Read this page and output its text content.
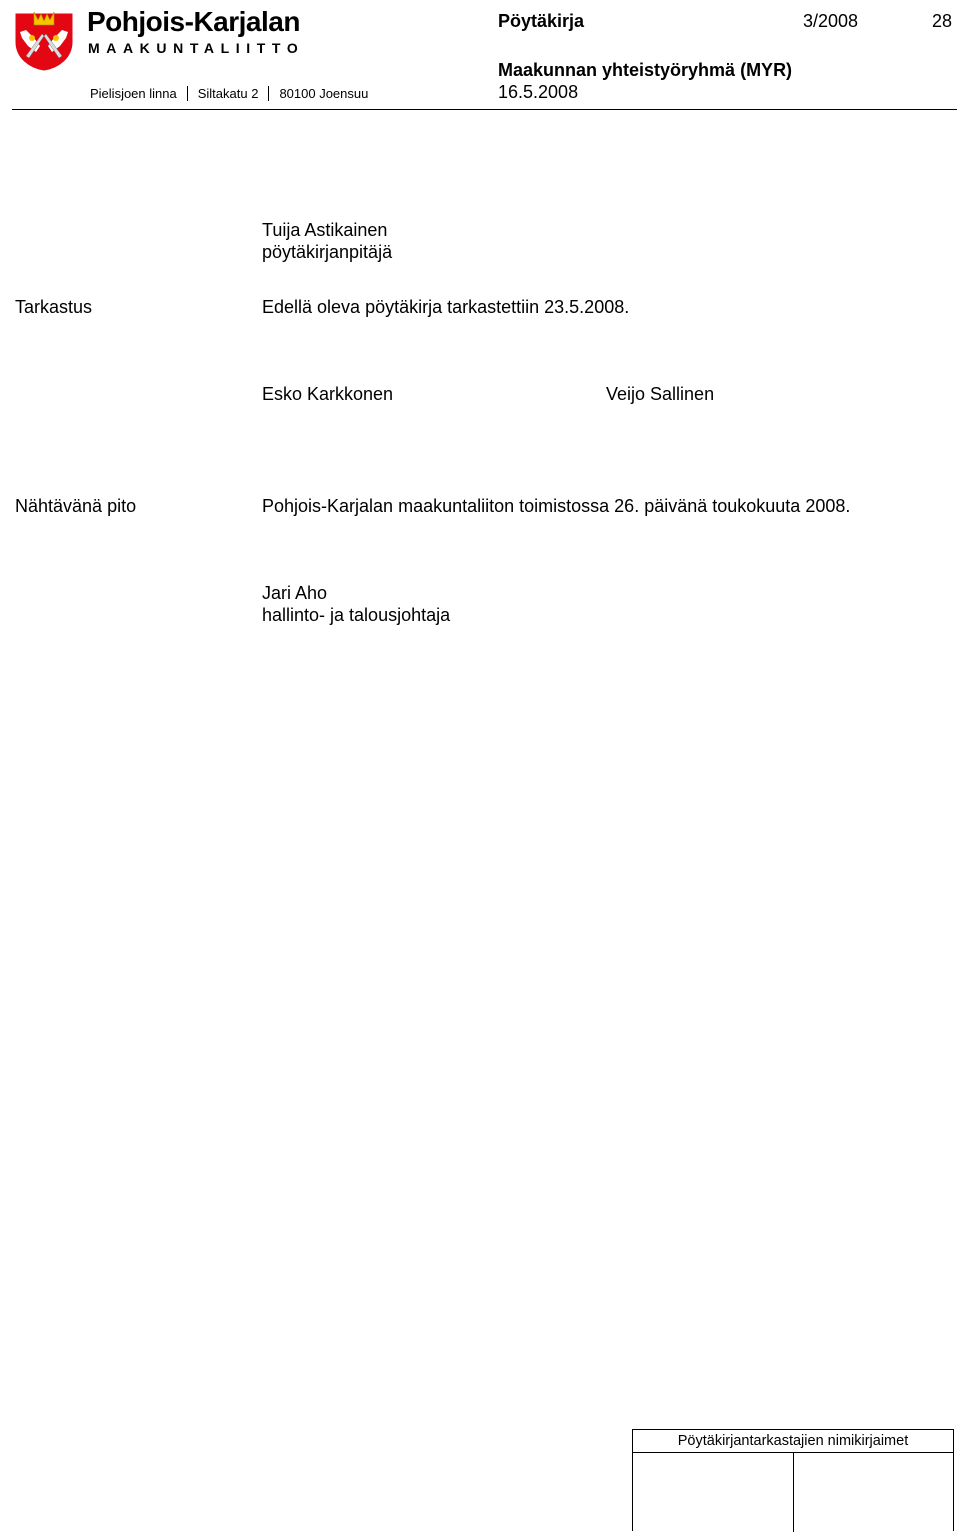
Pohjois-Karjalan
MAAKUNTALIITTO
Pielisjoen linna Siltakatu 2 80100 Joensuu
Pöytäkirja	3/2008	28
Maakunnan yhteistyöryhmä (MYR)
16.5.2008
Tuija Astikainen
pöytäkirjanpitäjä
Tarkastus	Edellä oleva pöytäkirja tarkastettiin 23.5.2008.
Esko Karkkonen	Veijo Sallinen
Nähtävänä pito	Pohjois-Karjalan maakuntaliiton toimistossa 26. päivänä toukokuuta 2008.
Jari Aho
hallinto- ja talousjohtaja
Pöytäkirjantarkastajien nimikirjaimet
